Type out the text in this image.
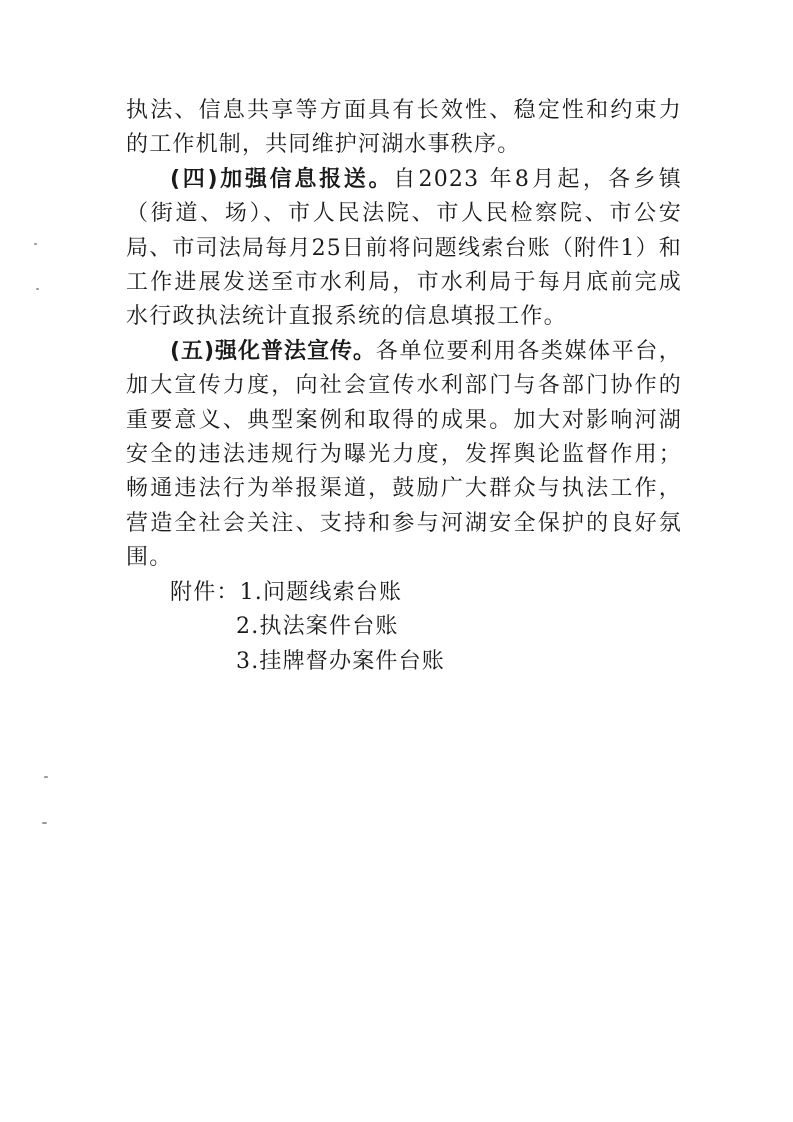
执法、信息共享等方面具有长效性、稳定性和约束力的工作机制，共同维护河湖水事秩序。

(四)加强信息报送。自2023 年8月起，各乡镇（街道、场）、市人民法院、市人民检察院、市公安局、市司法局每月25日前将问题线索台账（附件1）和工作进展发送至市水利局，市水利局于每月底前完成水行政执法统计直报系统的信息填报工作。

(五)强化普法宣传。各单位要利用各类媒体平台，加大宣传力度，向社会宣传水利部门与各部门协作的重要意义、典型案例和取得的成果。加大对影响河湖安全的违法违规行为曝光力度，发挥舆论监督作用；畅通违法行为举报渠道，鼓励广大群众与执法工作，营造全社会关注、支持和参与河湖安全保护的良好氛围。

附件： 1.问题线索台账
2.执法案件台账
3.挂牌督办案件台账
